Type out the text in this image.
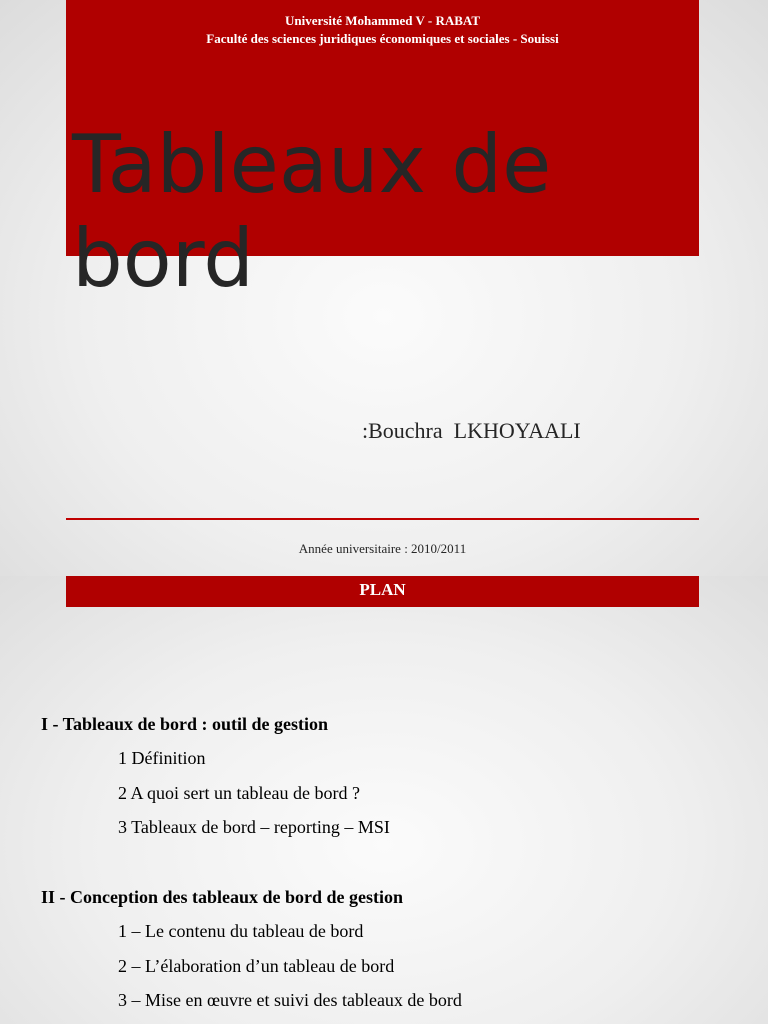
Université Mohammed V - RABAT
Faculté des sciences juridiques économiques et sociales - Souissi
Tableaux de
bord
:Bouchra  LKHOYAALI
Année universitaire : 2010/2011
PLAN
I - Tableaux de bord : outil de gestion
1 Définition
2 A quoi sert un tableau de bord ?
3 Tableaux de bord – reporting – MSI
II - Conception des tableaux de bord de gestion
1 – Le contenu du tableau de bord
2 – L’élaboration d’un tableau de bord
3 – Mise en œuvre et suivi des tableaux de bord
